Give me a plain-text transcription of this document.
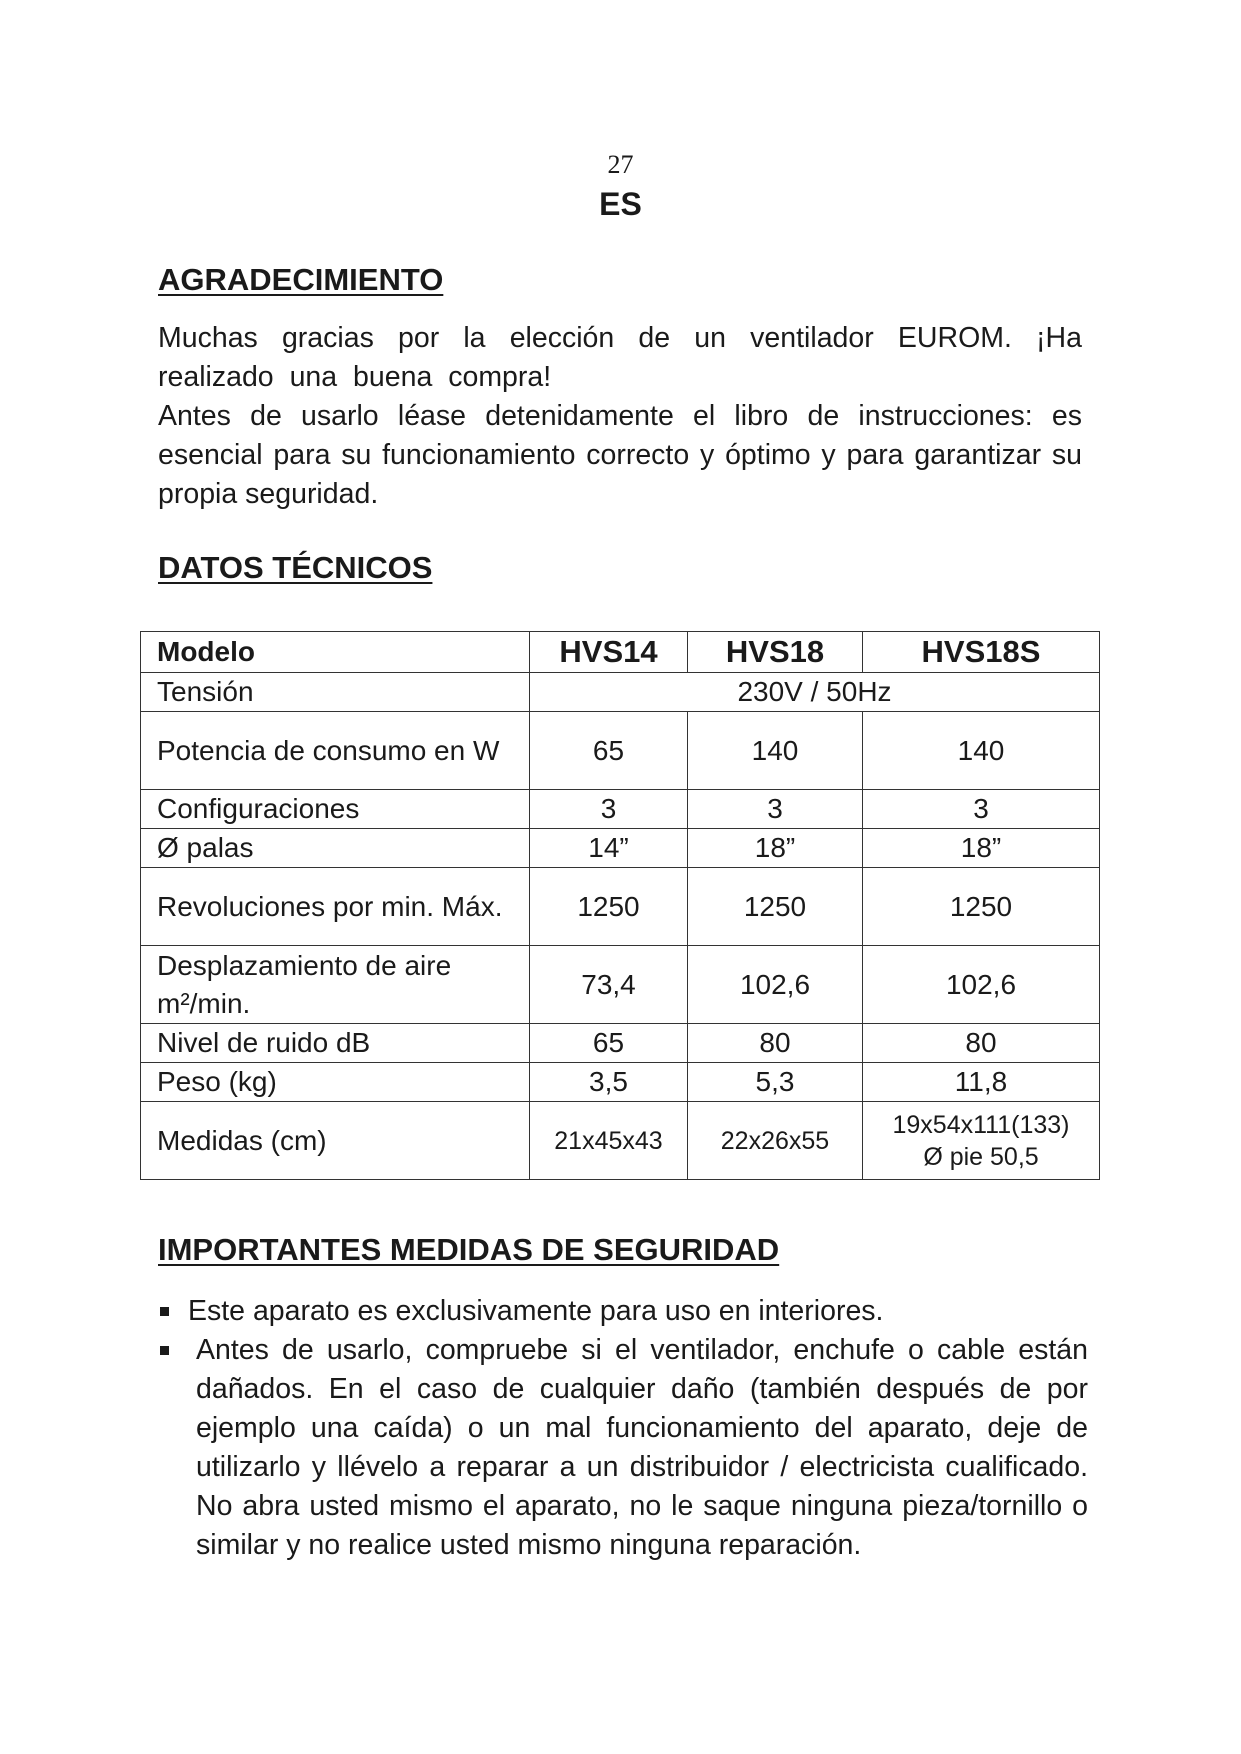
27
ES
AGRADECIMIENTO

Muchas gracias por la elección de un ventilador EUROM. ¡Ha realizado una buena compra!

Antes de usarlo léase detenidamente el libro de instrucciones: es esencial para su funcionamiento correcto y óptimo y para garantizar su propia seguridad.

DATOS TÉCNICOS
Modelo	HVS14	HVS18	HVS18S
Tensión	230V / 50Hz		
Potencia de consumo en W	65	140	140
Configuraciones	3	3	3
Ø palas	14”	18”	18”
Revoluciones por min. Máx.	1250	1250	1250
Desplazamiento de aire m²/min.	73,4	102,6	102,6
Nivel de ruido dB	65	80	80
Peso (kg)	3,5	5,3	11,8
Medidas (cm)	21x45x43	22x26x55	19x54x111(133)
Ø pie 50,5
IMPORTANTES MEDIDAS DE SEGURIDAD
Este aparato es exclusivamente para uso en interiores.
Antes de usarlo, compruebe si el ventilador, enchufe o cable están dañados. En el caso de cualquier daño (también después de por ejemplo una caída) o un mal funcionamiento del aparato, deje de utilizarlo y llévelo a reparar a un distribuidor / electricista cualificado. No abra usted mismo el aparato, no le saque ninguna pieza/tornillo o similar y no realice usted mismo ninguna reparación.
